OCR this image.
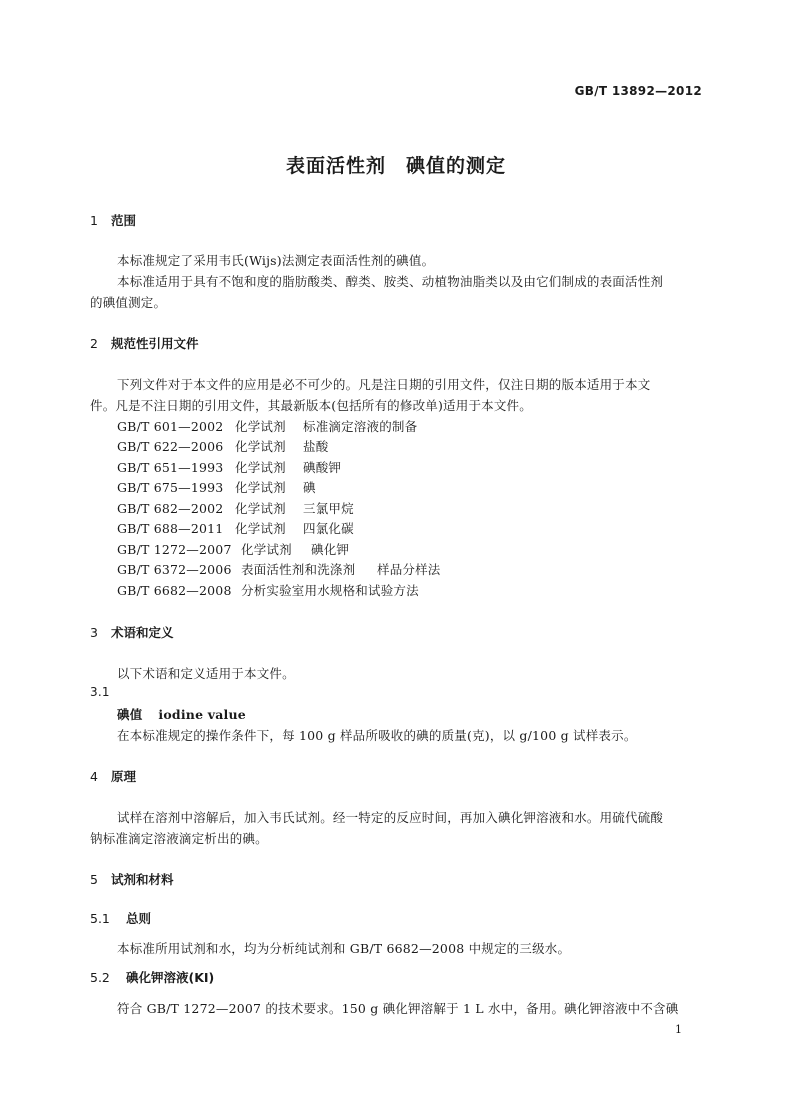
GB/T 13892—2012
表面活性剂　碘值的测定
1 范围
本标准规定了采用韦氏(Wijs)法测定表面活性剂的碘值。
本标准适用于具有不饱和度的脂肪酸类、醇类、胺类、动植物油脂类以及由它们制成的表面活性剂
的碘值测定。
2 规范性引用文件
下列文件对于本文件的应用是必不可少的。凡是注日期的引用文件，仅注日期的版本适用于本文
件。凡是不注日期的引用文件，其最新版本(包括所有的修改单)适用于本文件。
GB/T 601—2002 化学试剂 标准滴定溶液的制备
GB/T 622—2006 化学试剂 盐酸
GB/T 651—1993 化学试剂 碘酸钾
GB/T 675—1993 化学试剂 碘
GB/T 682—2002 化学试剂 三氯甲烷
GB/T 688—2011 化学试剂 四氯化碳
GB/T 1272—2007 化学试剂 碘化钾
GB/T 6372—2006 表面活性剂和洗涤剂 样品分样法
GB/T 6682—2008 分析实验室用水规格和试验方法
3 术语和定义
以下术语和定义适用于本文件。
3.1
碘值 iodine value
在本标准规定的操作条件下，每 100 g 样品所吸收的碘的质量(克)，以 g/100 g 试样表示。
4 原理
试样在溶剂中溶解后，加入韦氏试剂。经一特定的反应时间，再加入碘化钾溶液和水。用硫代硫酸
钠标准滴定溶液滴定析出的碘。
5 试剂和材料
5.1 总则
本标准所用试剂和水，均为分析纯试剂和 GB/T 6682—2008 中规定的三级水。
5.2 碘化钾溶液(KI)
符合 GB/T 1272—2007 的技术要求。150 g 碘化钾溶解于 1 L 水中，备用。碘化钾溶液中不含碘
1
